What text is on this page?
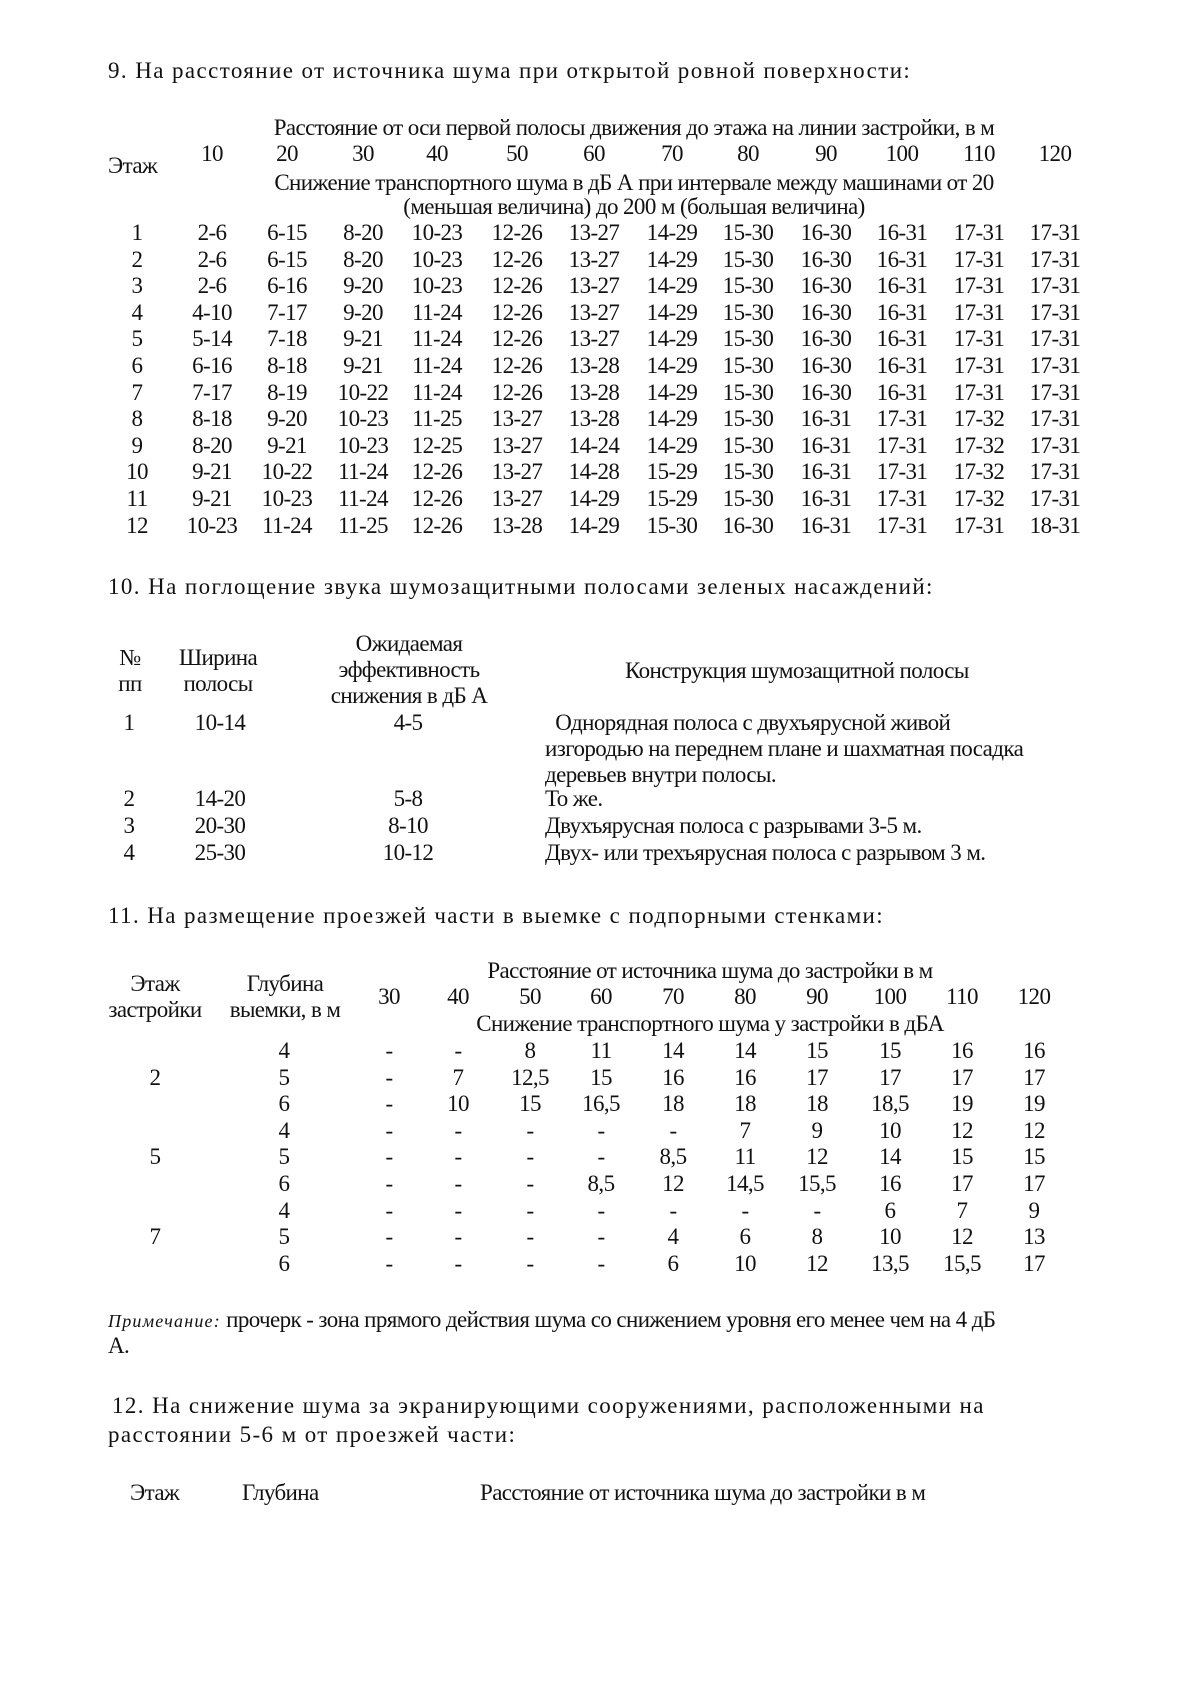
9. На расстояние от источника шума при открытой ровной поверхности:
Этаж
Расстояние от оси первой полосы движения до этажа на линии застройки, в м
10 20 30 40	50 60 70 80 90 100 110 120
Снижение транспортного шума в дБ А при интервале между машинами от 20
(меньшая величина) до 200 м (большая величина)
1 2-6 6-15 8-20 10-23 12-26 13-27 14-29 15-30 16-30 16-31 17-31 17-31
2 2-6 6-15 8-20 10-23 12-26 13-27 14-29 15-30 16-30 16-31 17-31 17-31
3 2-6 6-16 9-20 10-23 12-26 13-27 14-29 15-30 16-30 16-31 17-31 17-31
4 4-10 7-17 9-20 11-24 12-26 13-27 14-29 15-30 16-30 16-31 17-31 17-31
5 5-14 7-18 9-21 11-24 12-26 13-27 14-29 15-30 16-30 16-31 17-31 17-31
6 6-16 8-18 9-21 11-24 12-26 13-28 14-29 15-30 16-30 16-31 17-31 17-31
7 7-17 8-19 10-22 11-24 12-26 13-28 14-29 15-30 16-30 16-31 17-31 17-31
8 8-18 9-20 10-23 11-25 13-27 13-28 14-29 15-30 16-31 17-31 17-32 17-31
9 8-20 9-21 10-23 12-25 13-27 14-24 14-29 15-30 16-31 17-31 17-32 17-31
10 9-21 10-22 11-24 12-26 13-27 14-28 15-29 15-30 16-31 17-31 17-32 17-31
11 9-21 10-23 11-24 12-26 13-27 14-29 15-29 15-30 16-31 17-31 17-32 17-31
12 10-23 11-24 11-25 12-26 13-28 14-29 15-30 16-30 16-31 17-31 17-31 18-31
10. На поглощение звука шумозащитными полосами зеленых насаждений:
№
пп
Ширина
полосы
Ожидаемая
эффективность
снижения в дБ А
Конструкция шумозащитной полосы
1	10-14	4-5	Однорядная полоса с двухъярусной живой
изгородью на переднем плане и шахматная посадка
деревьев внутри полосы.
2	14-20	5-8	То же.
3	20-30	8-10	Двухъярусная полоса с разрывами 3-5 м.
4	25-30	10-12	Двух- или трехъярусная полоса с разрывом 3 м.
11. На размещение проезжей части в выемке с подпорными стенками:
Этаж
застройки
Глубина
выемки, в м
Расстояние от источника шума до застройки в м
30 40 50 60 70 80 90 100 110 120
Снижение транспортного шума у застройки в дБА
2
4	-	-	8 11 14 14 15 15 16 16
5	-	7 12,5 15 16 16 17 17 17 17
6	- 10 15 16,5 18 18 18 18,5 19 19
5
4	-	-	-	-	-	7	9 10 12 12
5	-	-	-	- 8,5 11 12 14 15 15
6	-	-	- 8,5 12 14,5 15,5 16 17 17
7
4	-	-	-	-	-	-	-	6	7	9
5	-	-	-	-	4	6	8 10 12 13
6	-	-	-	-	6 10 12 13,5 15,5 17
Примечание: прочерк - зона прямого действия шума со снижением уровня его менее чем на 4 дБ
А.
12. На снижение шума за экранирующими сооружениями, расположенными на
расстоянии 5-6 м от проезжей части:
Этаж	Глубина	Расстояние от источника шума до застройки в м
